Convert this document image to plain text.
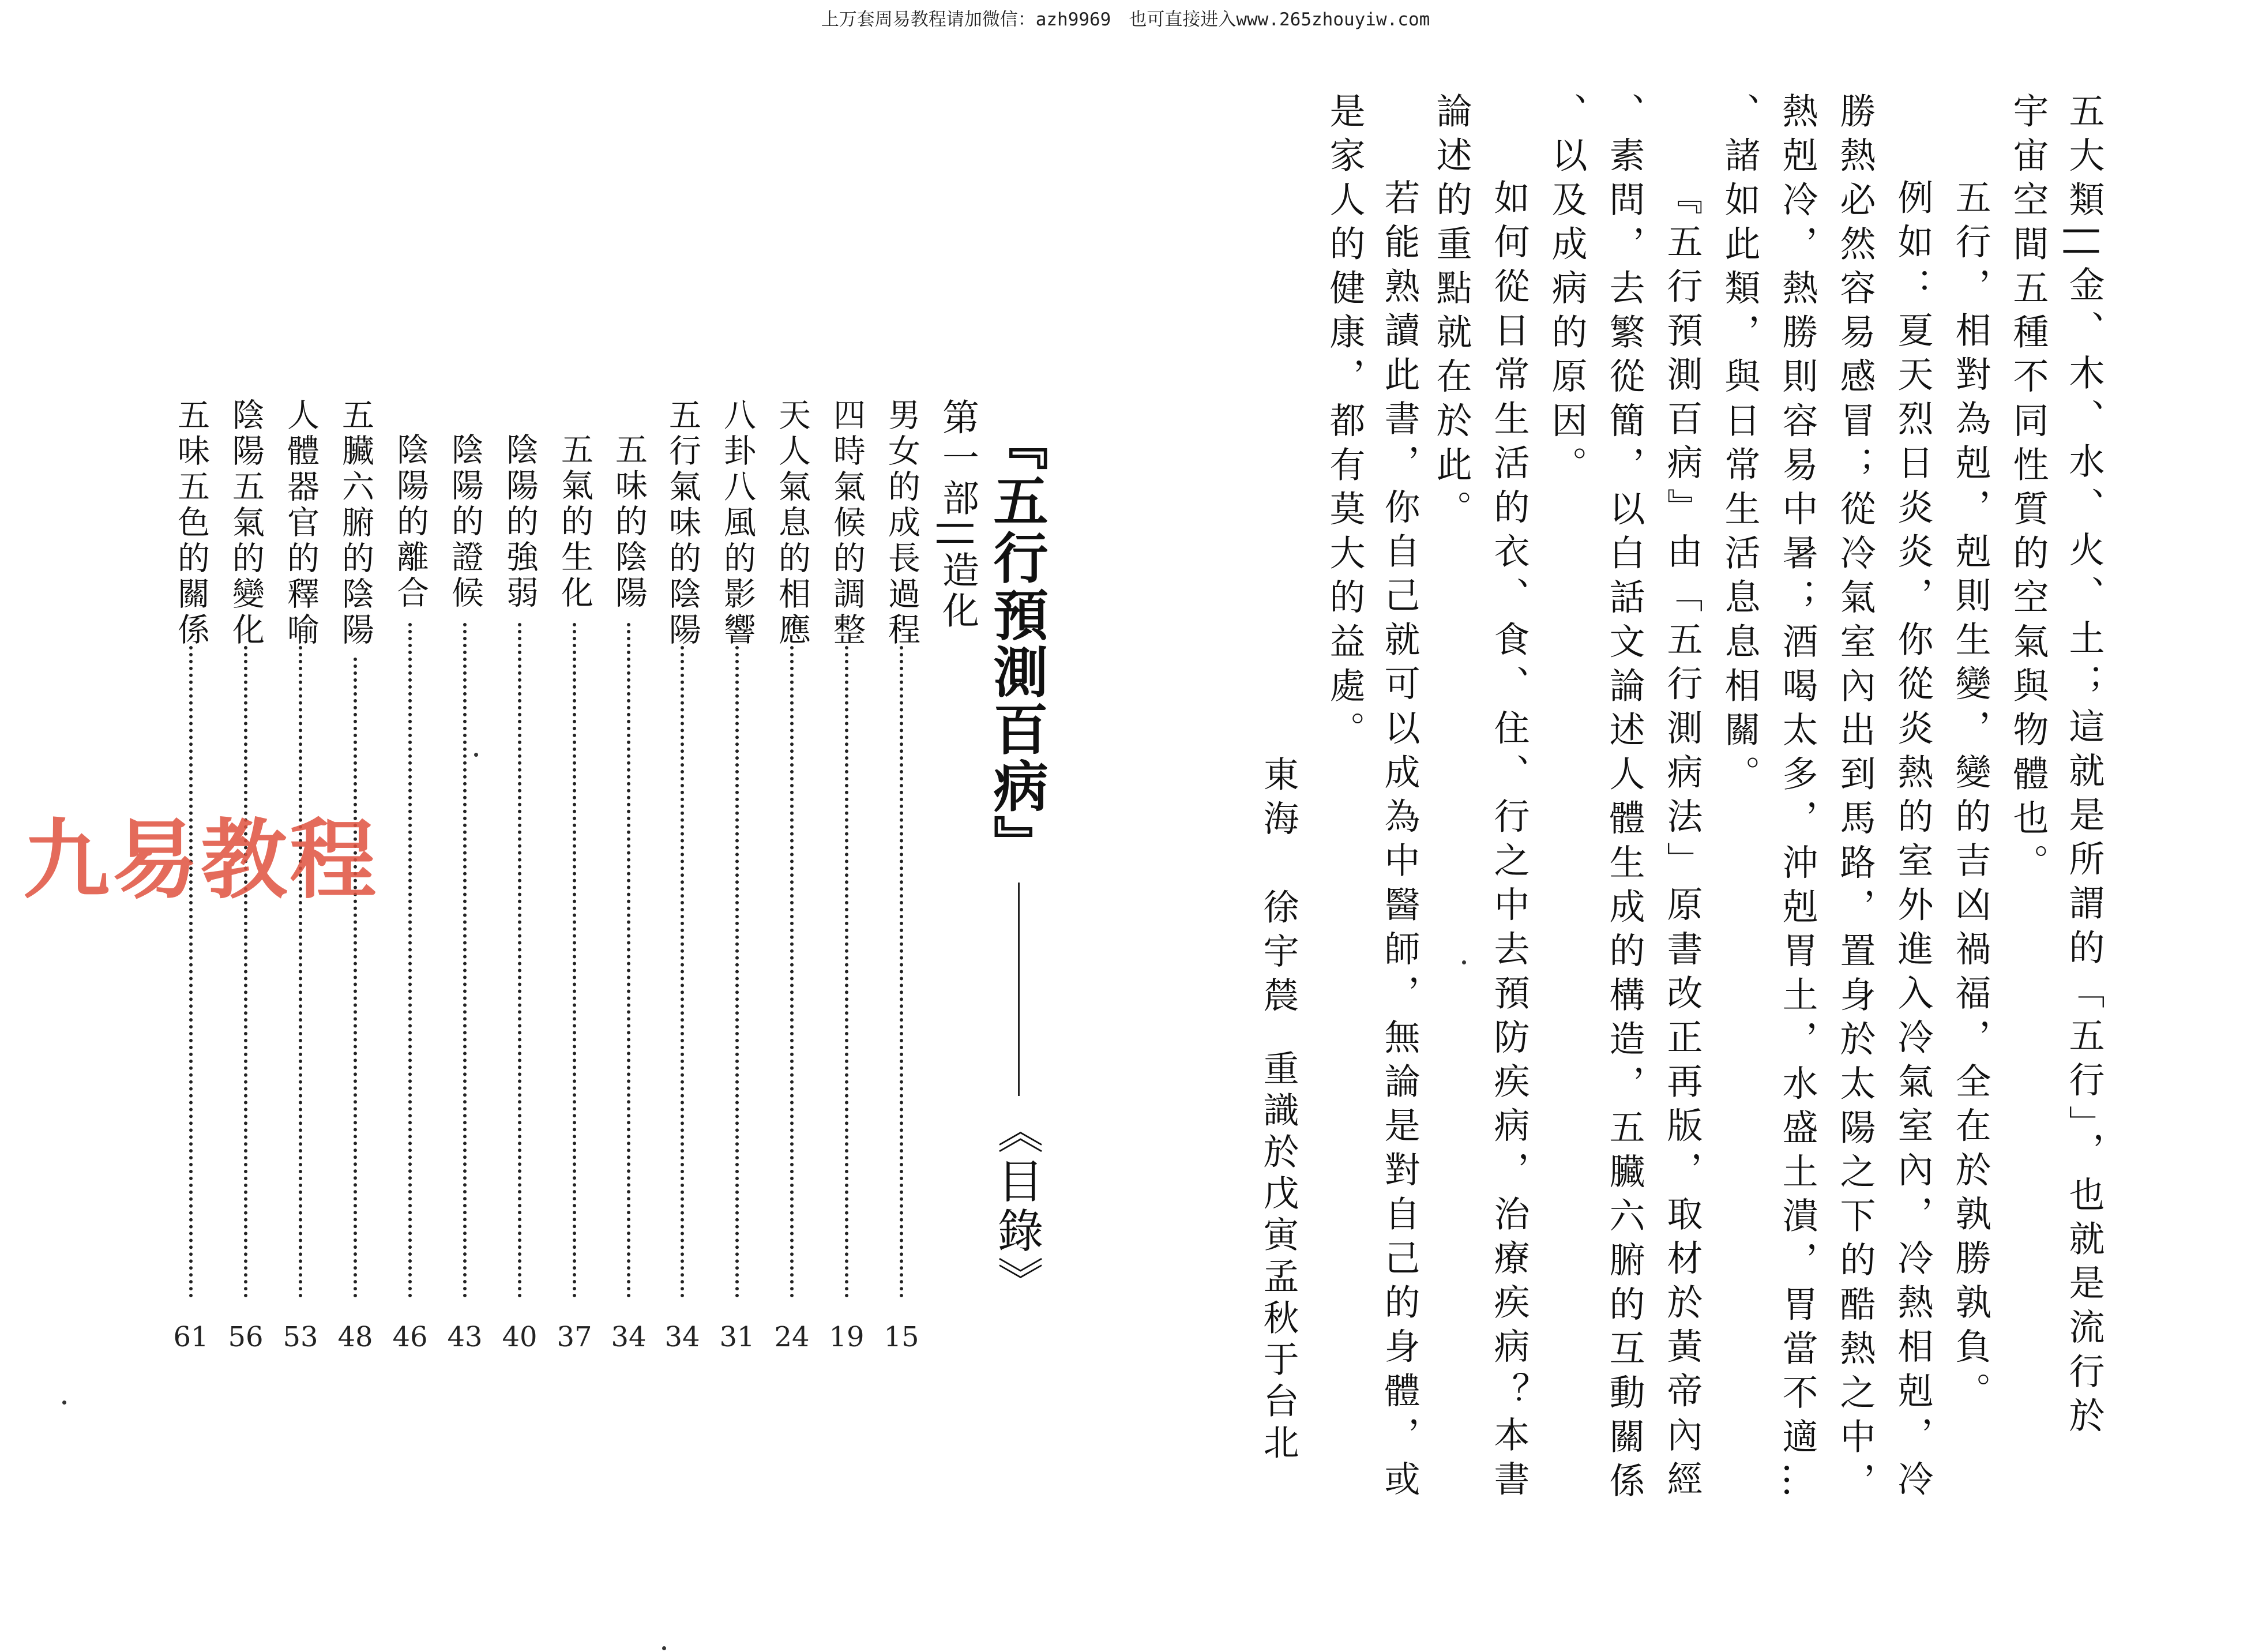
上万套周易教程请加微信：azh9969　也可直接进入www.265zhouyiw.com
五大類||金、木、水、火、土；這就是所謂的「五行」，也就是流行於
宇宙空間五種不同性質的空氣與物體也。
五行，相對為剋，剋則生變，變的吉凶禍福，全在於孰勝孰負。
例如：夏天烈日炎炎，你從炎熱的室外進入冷氣室內，冷熱相剋，冷
勝熱必然容易感冒；從冷氣室內出到馬路，置身於太陽之下的酷熱之中，
熱剋冷，熱勝則容易中暑；酒喝太多，沖剋胃土，水盛土潰，胃當不適…
、諸如此類，與日常生活息息相關。
『五行預測百病』由「五行測病法」原書改正再版，取材於黃帝內經
、素問，去繁從簡，以白話文論述人體生成的構造，五臟六腑的互動關係
、以及成病的原因。
如何從日常生活的衣、食、住、行之中去預防疾病，治療疾病？本書
論述的重點就在於此。
若能熟讀此書，你自己就可以成為中醫師，無論是對自己的身體，或
是家人的健康，都有莫大的益處。
東海　徐宇辳
重識於戊寅孟秋于台北
『五行預測百病』
《目錄》
第一部||造化
男女的成長過程
15
四時氣候的調整
19
天人氣息的相應
24
八卦八風的影響
31
五行氣味的陰陽
34
五味的陰陽
34
五氣的生化
37
陰陽的強弱
40
陰陽的證候
43
陰陽的離合
46
五臟六腑的陰陽
48
人體器官的釋喻
53
陰陽五氣的變化
56
五味五色的關係
61
九易教程
